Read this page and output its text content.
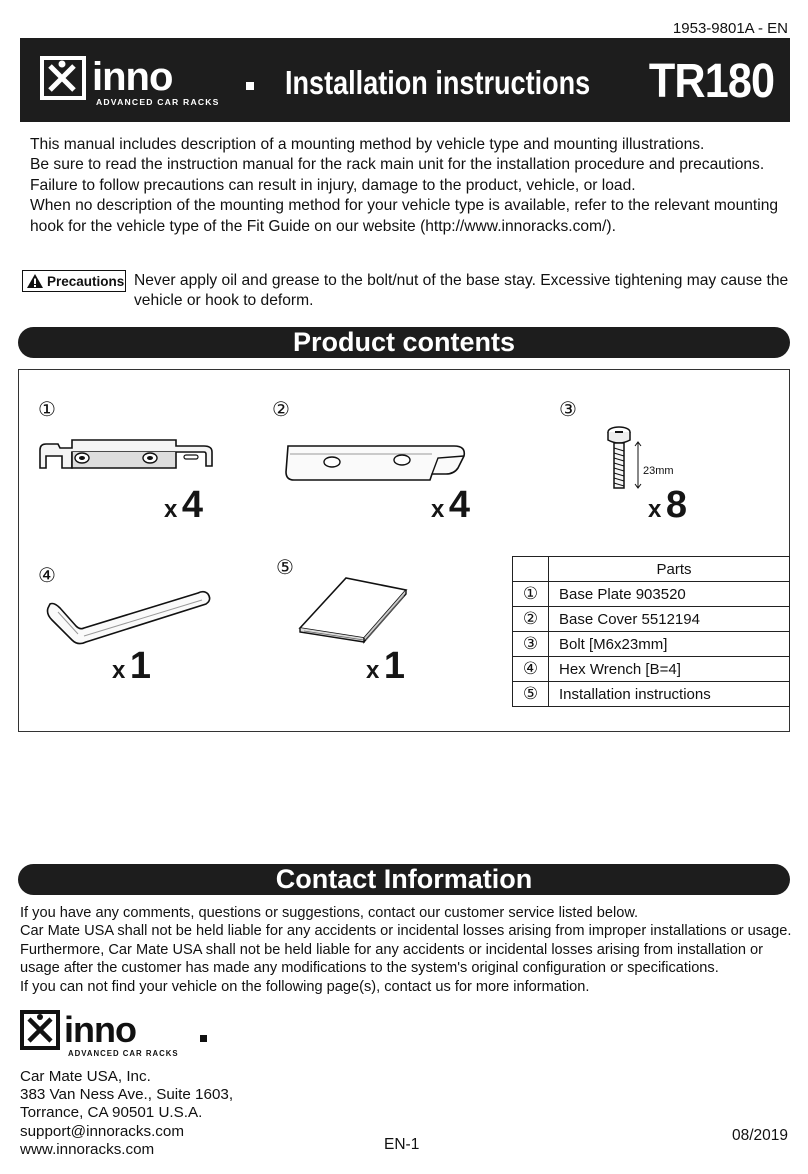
1953-9801A - EN
inno
ADVANCED CAR RACKS
Installation instructions TR180

This manual includes description of a mounting method by vehicle type and mounting illustrations.

Be sure to read the instruction manual for the rack main unit for the installation procedure and precautions.

Failure to follow precautions can result in injury, damage to the product, vehicle, or load.

When no description of the mounting method for your vehicle type is available, refer to the relevant mounting hook for the vehicle type of the Fit Guide on our website (http://www.innoracks.com/).

Precautions Never apply oil and grease to the bolt/nut of the base stay. Excessive tightening may cause the vehicle or hook to deform.
Product contents
①
x 4
②
x 4
③
23mm
x 8
④
x 1
⑤
x 1
	Parts
①	Base Plate 903520
②	Base Cover 5512194
③	Bolt [M6x23mm]
④	Hex Wrench [B=4]
⑤	Installation instructions
Contact Information

If you have any comments, questions or suggestions, contact our customer service listed below.

Car Mate USA shall not be held liable for any accidents or incidental losses arising from improper installations or usage.

Furthermore, Car Mate USA shall not be held liable for any accidents or incidental losses arising from installation or usage after the customer has made any modifications to the system's original configuration or specifications.

If you can not find your vehicle on the following page(s), contact us for more information.

inno
ADVANCED CAR RACKS

Car Mate USA, Inc.

383 Van Ness Ave., Suite 1603,

Torrance, CA 90501 U.S.A.

support@innoracks.com

www.innoracks.com	EN-1
08/2019
